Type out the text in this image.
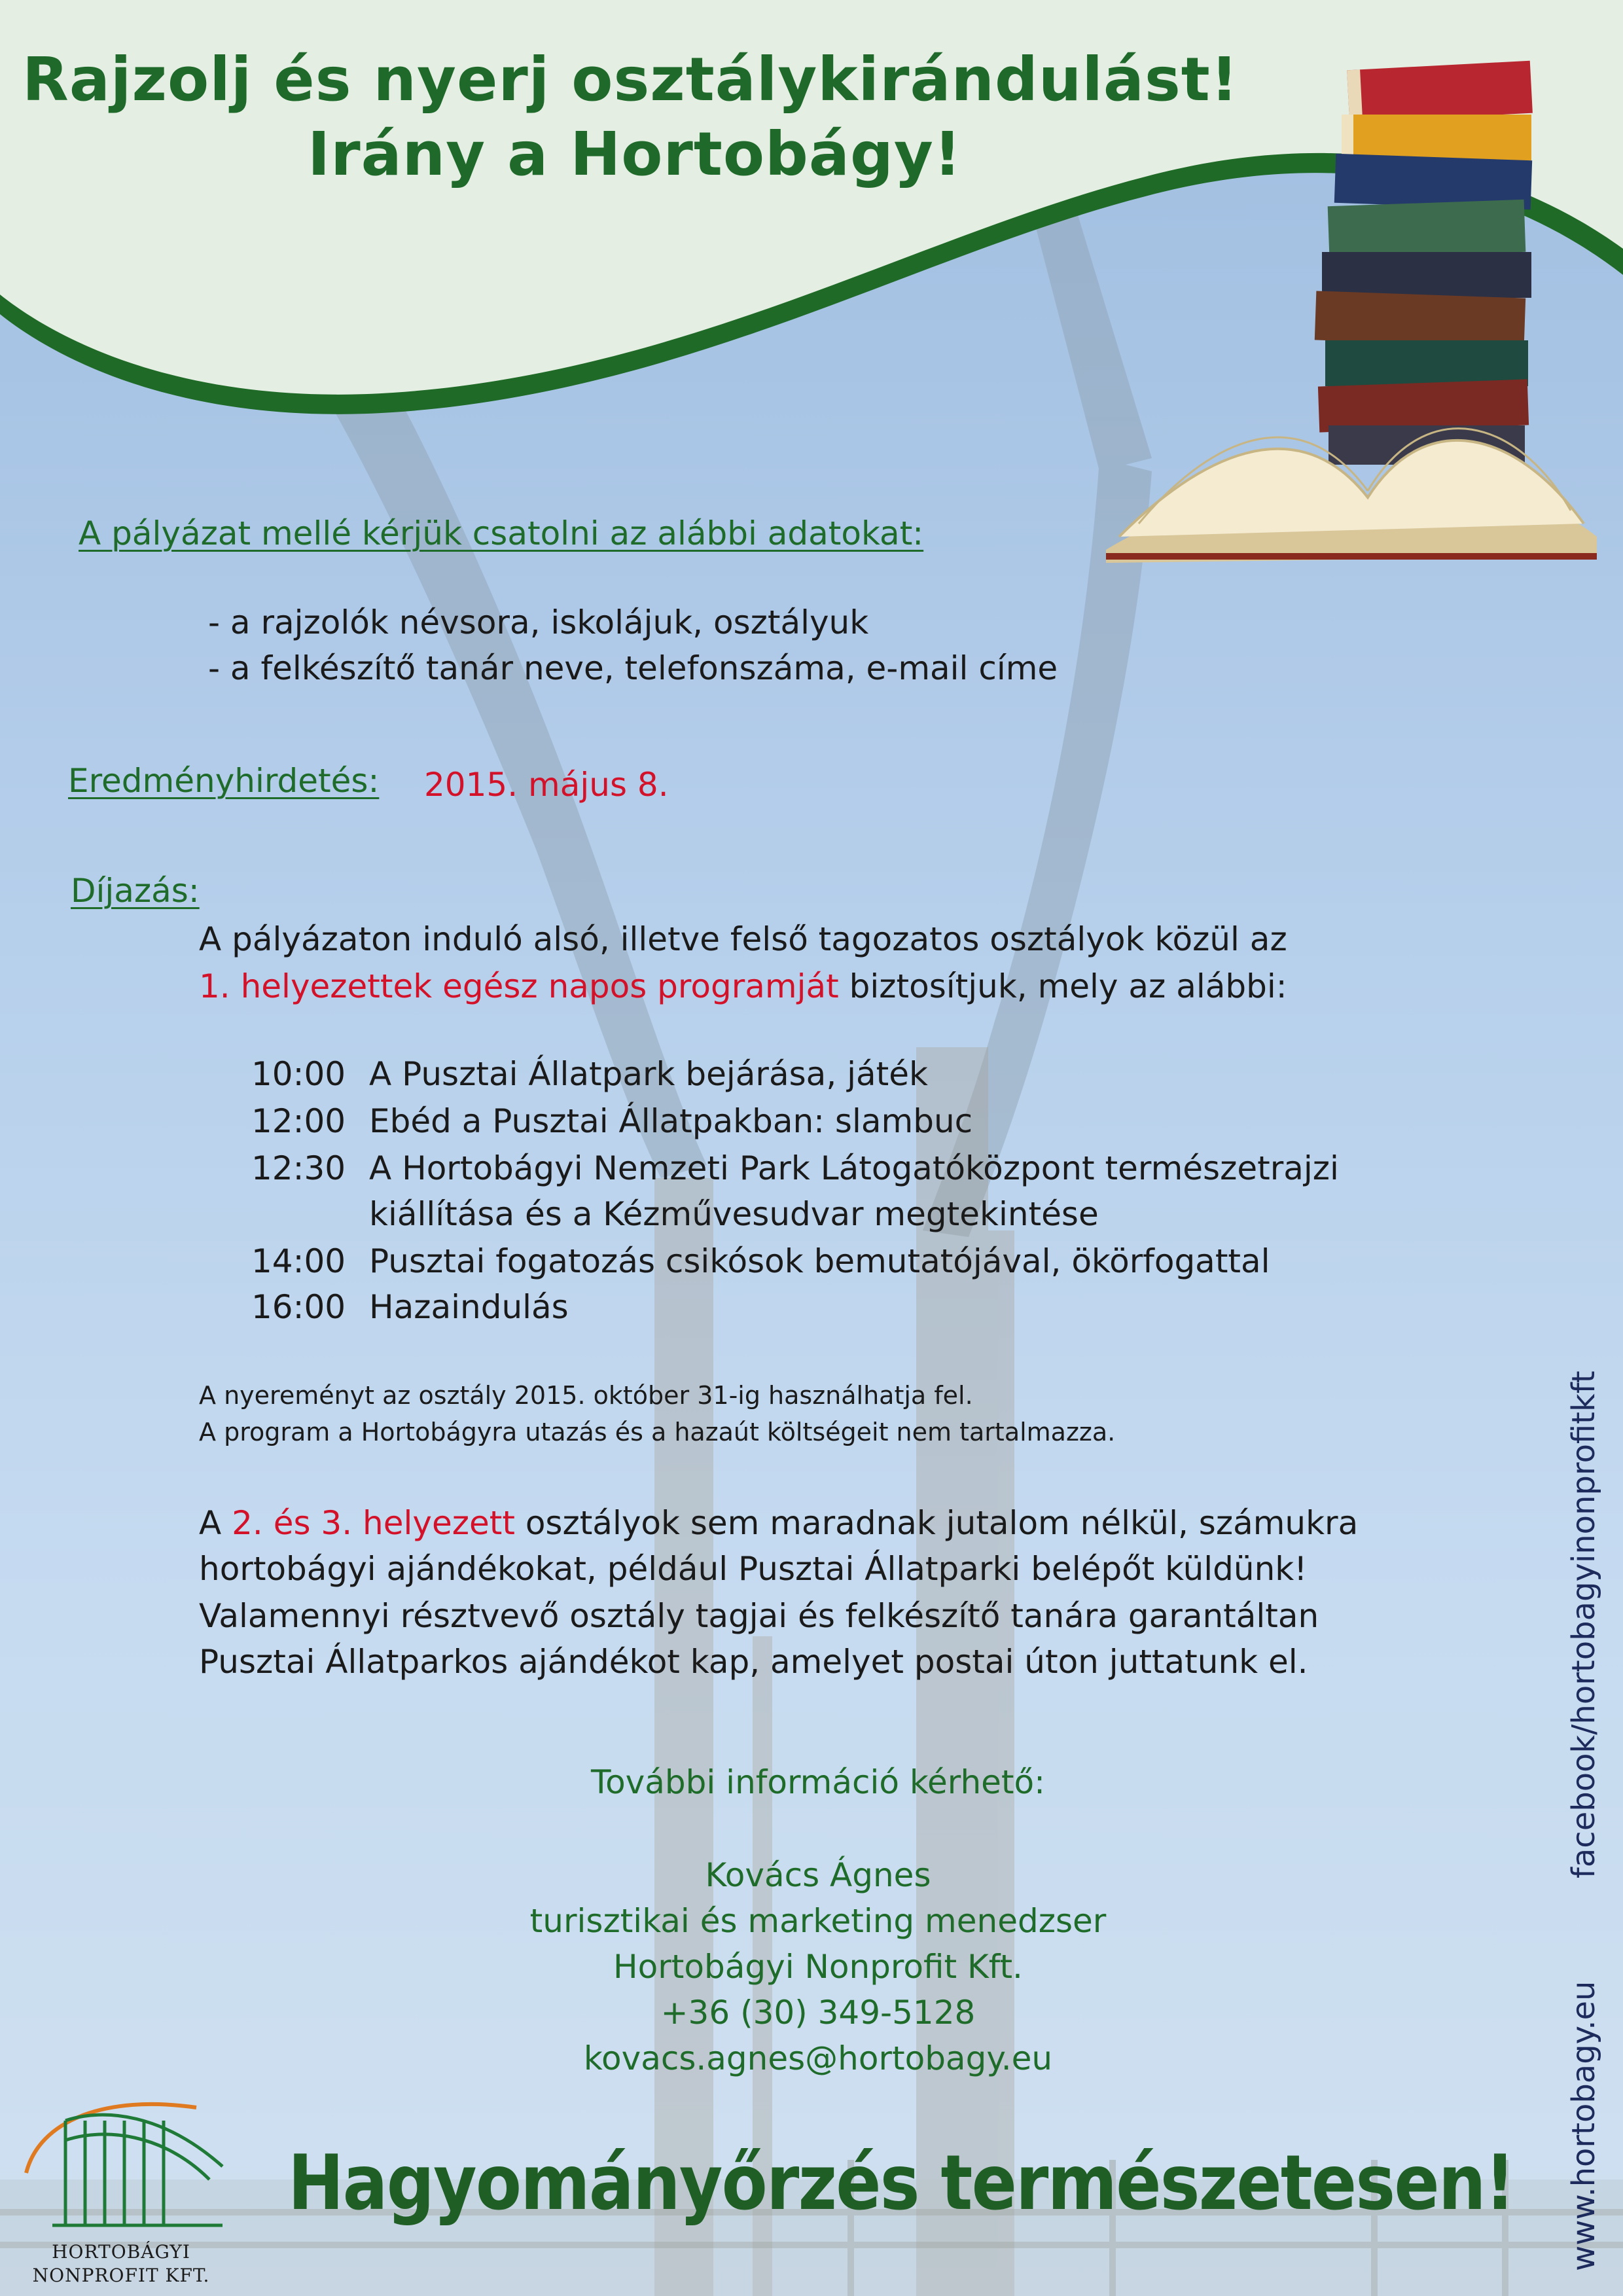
Rajzolj és nyerj osztálykirándulást!
Irány a Hortobágy!
A pályázat mellé kérjük csatolni az alábbi adatokat:
- a rajzolók névsora, iskolájuk, osztályuk
- a felkészítő tanár neve, telefonszáma, e-mail címe
Eredményhirdetés: 2015. május 8.
Díjazás:
A pályázaton induló alsó, illetve felső tagozatos osztályok közül az
1. helyezettek egész napos programját biztosítjuk, mely az alábbi:
10:00 A Pusztai Állatpark bejárása, játék
12:00 Ebéd a Pusztai Állatpakban: slambuc
12:30 A Hortobágyi Nemzeti Park Látogatóközpont természetrajzi
kiállítása és a Kézművesudvar megtekintése
14:00 Pusztai fogatozás csikósok bemutatójával, ökörfogattal
16:00 Hazaindulás
A nyereményt az osztály 2015. október 31-ig használhatja fel.
A program a Hortobágyra utazás és a hazaút költségeit nem tartalmazza.
A 2. és 3. helyezett osztályok sem maradnak jutalom nélkül, számukra
hortobágyi ajándékokat, például Pusztai Állatparki belépőt küldünk!
Valamennyi résztvevő osztály tagjai és felkészítő tanára garantáltan
Pusztai Állatparkos ajándékot kap, amelyet postai úton juttatunk el.
További információ kérhető:
Kovács Ágnes
turisztikai és marketing menedzser
Hortobágyi Nonprofit Kft.
+36 (30) 349-5128
kovacs.agnes@hortobagy.eu
HORTOBÁGYI
NONPROFIT KFT.
Hagyományőrzés természetesen!
facebook/hortobagyinonprofitkft
www.hortobagy.eu
